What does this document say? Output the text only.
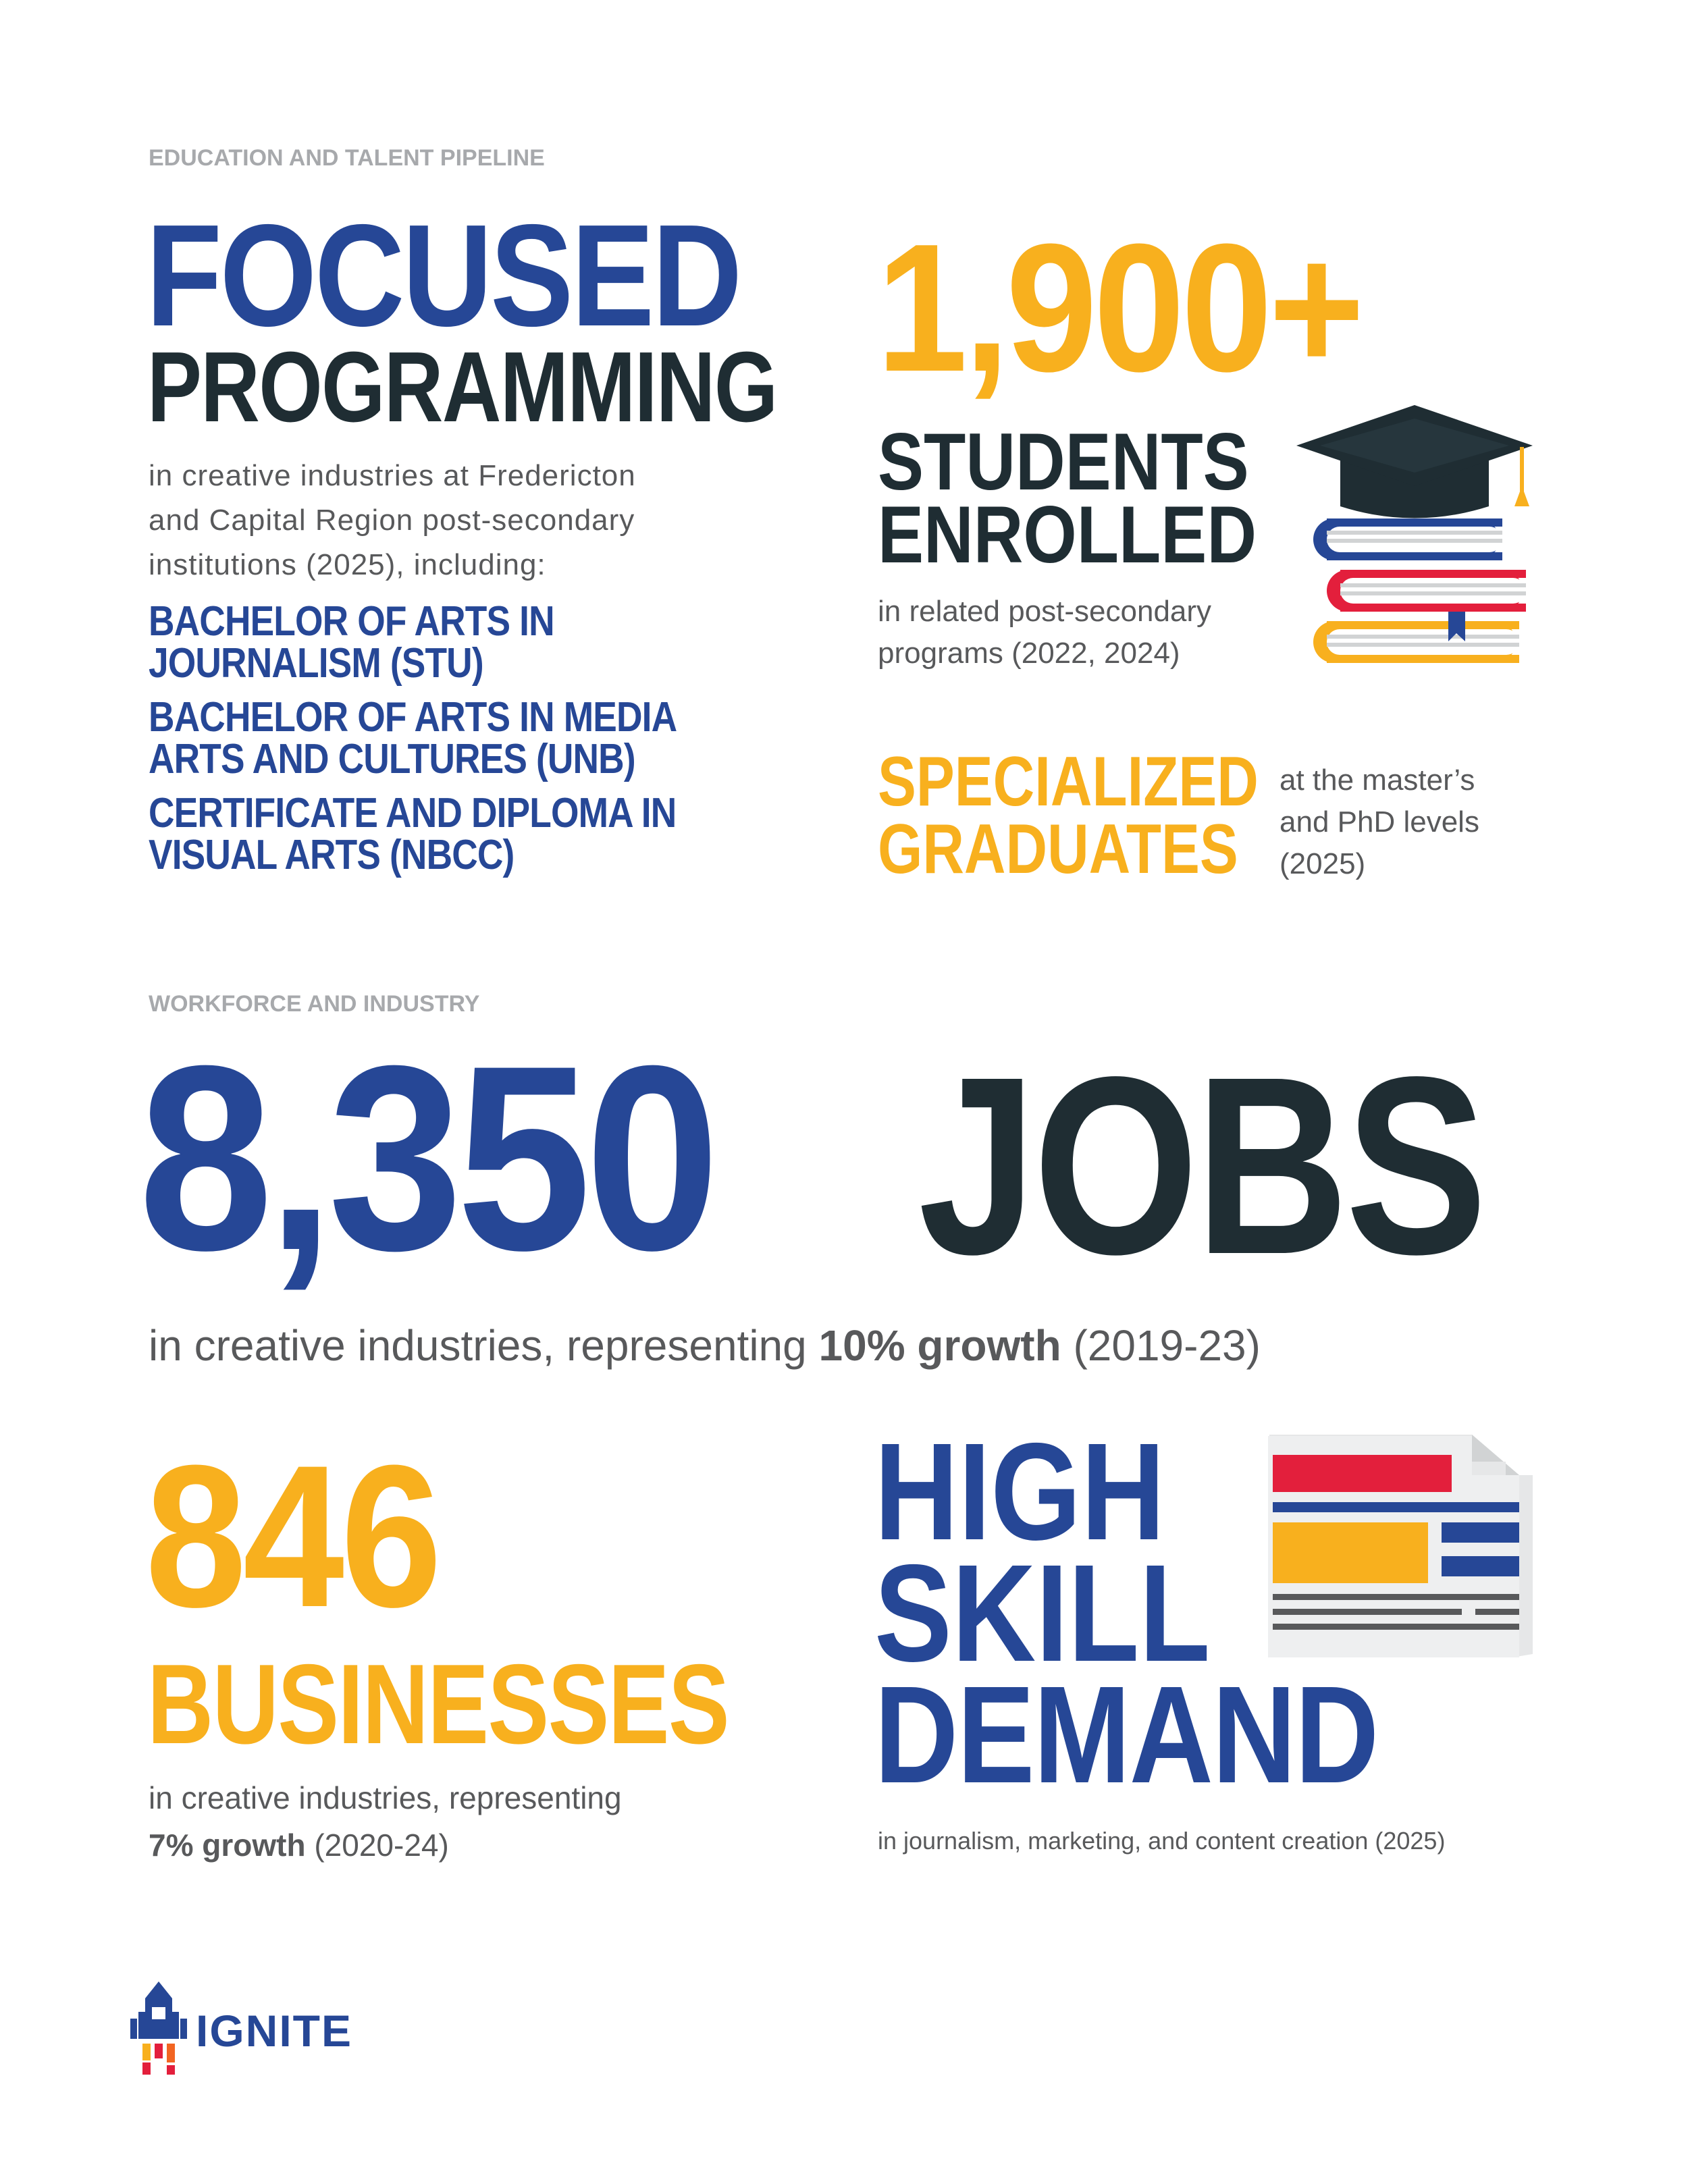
EDUCATION AND TALENT PIPELINE
FOCUSED
PROGRAMMING
in creative industries at Fredericton
and Capital Region post-secondary
institutions (2025), including:
BACHELOR OF ARTS IN
JOURNALISM (STU)
BACHELOR OF ARTS IN MEDIA
ARTS AND CULTURES (UNB)
CERTIFICATE AND DIPLOMA IN
VISUAL ARTS (NBCC)
1,900+
STUDENTS
ENROLLED
in related post-secondary
programs (2022, 2024)
SPECIALIZED
GRADUATES
at the master’s
and PhD levels
(2025)
WORKFORCE AND INDUSTRY
8,350 JOBS
in creative industries, representing 10% growth (2019-23)
846
BUSINESSES
in creative industries, representing
7% growth (2020-24)
HIGH
SKILL
DEMAND
in journalism, marketing, and content creation (2025)
IGNITE
